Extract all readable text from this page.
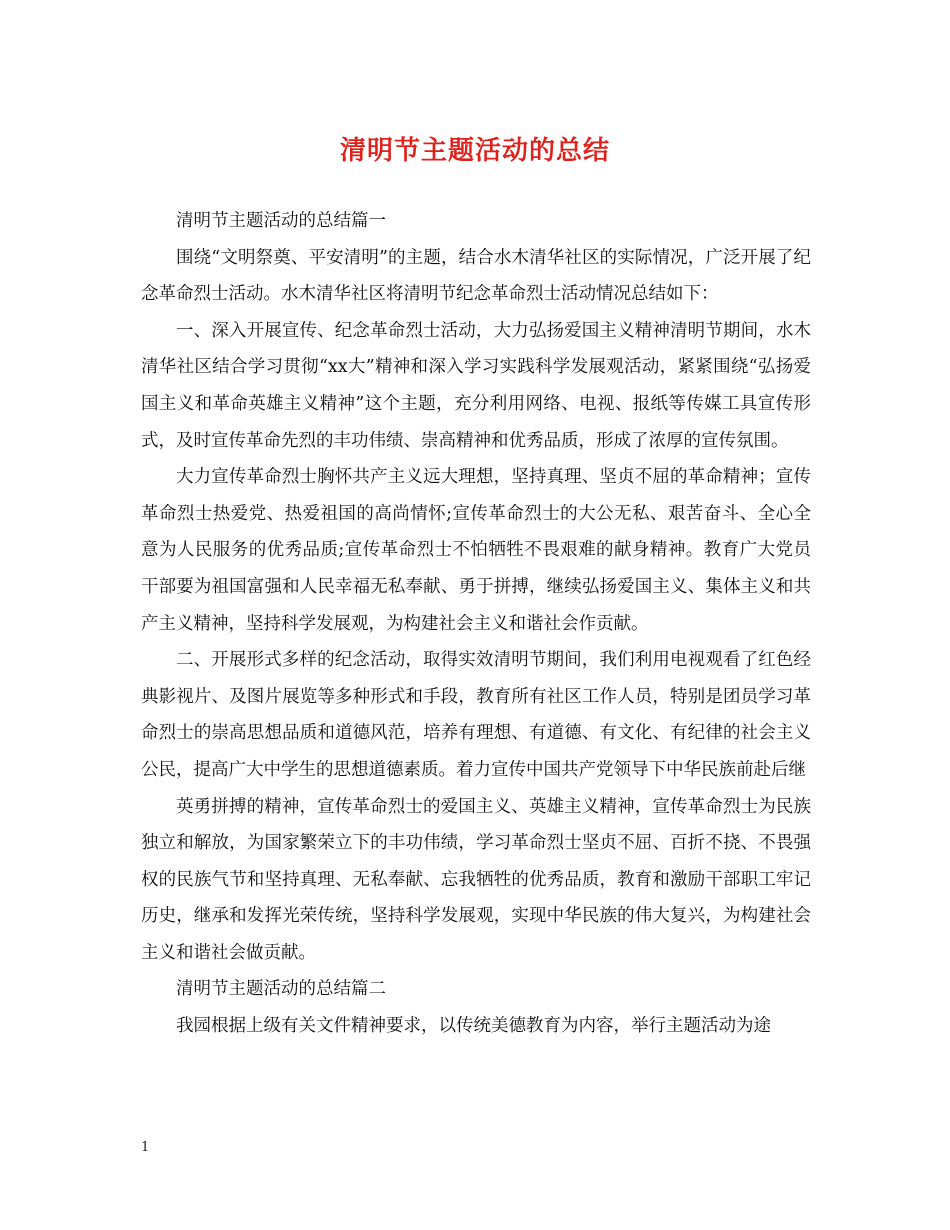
清明节主题活动的总结

清明节主题活动的总结篇一

围绕“文明祭奠、平安清明”的主题，结合水木清华社区的实际情况，广泛开展了纪念革命烈士活动。水木清华社区将清明节纪念革命烈士活动情况总结如下：

一、深入开展宣传、纪念革命烈士活动，大力弘扬爱国主义精神清明节期间，水木清华社区结合学习贯彻“xx大”精神和深入学习实践科学发展观活动，紧紧围绕“弘扬爱国主义和革命英雄主义精神”这个主题，充分利用网络、电视、报纸等传媒工具宣传形式，及时宣传革命先烈的丰功伟绩、崇高精神和优秀品质，形成了浓厚的宣传氛围。

大力宣传革命烈士胸怀共产主义远大理想，坚持真理、坚贞不屈的革命精神；宣传革命烈士热爱党、热爱祖国的高尚情怀;宣传革命烈士的大公无私、艰苦奋斗、全心全意为人民服务的优秀品质;宣传革命烈士不怕牺牲不畏艰难的献身精神。教育广大党员干部要为祖国富强和人民幸福无私奉献、勇于拼搏，继续弘扬爱国主义、集体主义和共产主义精神，坚持科学发展观，为构建社会主义和谐社会作贡献。

二、开展形式多样的纪念活动，取得实效清明节期间，我们利用电视观看了红色经典影视片、及图片展览等多种形式和手段，教育所有社区工作人员，特别是团员学习革命烈士的崇高思想品质和道德风范，培养有理想、有道德、有文化、有纪律的社会主义公民，提高广大中学生的思想道德素质。着力宣传中国共产党领导下中华民族前赴后继

英勇拼搏的精神，宣传革命烈士的爱国主义、英雄主义精神，宣传革命烈士为民族独立和解放，为国家繁荣立下的丰功伟绩，学习革命烈士坚贞不屈、百折不挠、不畏强权的民族气节和坚持真理、无私奉献、忘我牺牲的优秀品质，教育和激励干部职工牢记历史，继承和发挥光荣传统，坚持科学发展观，实现中华民族的伟大复兴，为构建社会主义和谐社会做贡献。

清明节主题活动的总结篇二

我园根据上级有关文件精神要求，以传统美德教育为内容，举行主题活动为途

1
